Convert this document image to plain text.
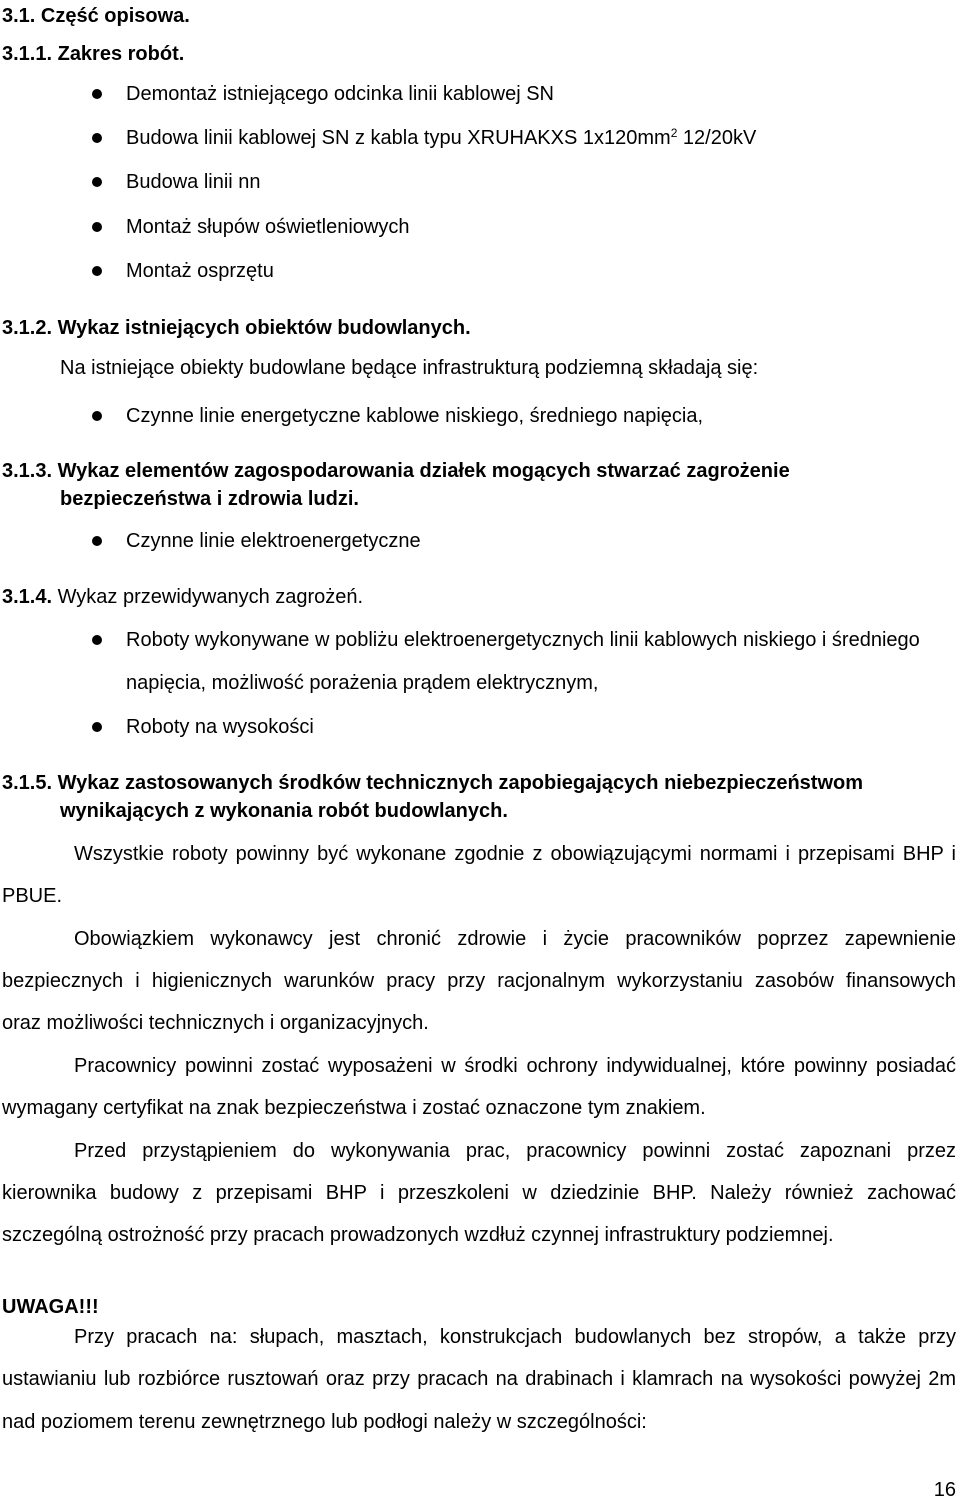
3.1. Część opisowa.
3.1.1. Zakres robót.
Demontaż istniejącego odcinka linii kablowej SN
Budowa linii kablowej SN z kabla typu XRUHAKXS $1x120mm^2$ 12/20kV
Budowa linii nn
Montaż słupów oświetleniowych
Montaż osprzętu
3.1.2. Wykaz istniejących obiektów budowlanych.
Na istniejące obiekty budowlane będące infrastrukturą podziemną składają się:
Czynne linie energetyczne kablowe niskiego, średniego napięcia,
3.1.3. Wykaz elementów zagospodarowania działek mogących stwarzać zagrożenie
bezpieczeństwa i zdrowia ludzi.
Czynne linie elektroenergetyczne
3.1.4. Wykaz przewidywanych zagrożeń.
Roboty wykonywane w pobliżu elektroenergetycznych linii kablowych niskiego i średniego
napięcia, możliwość porażenia prądem elektrycznym,
Roboty na wysokości
3.1.5. Wykaz zastosowanych środków technicznych zapobiegających niebezpieczeństwom
wynikających z wykonania robót budowlanych.
Wszystkie roboty powinny być wykonane zgodnie z obowiązującymi normami i przepisami BHP i
PBUE.
Obowiązkiem wykonawcy jest chronić zdrowie i życie pracowników poprzez zapewnienie
bezpiecznych i higienicznych warunków pracy przy racjonalnym wykorzystaniu zasobów finansowych
oraz możliwości technicznych i organizacyjnych.
Pracownicy powinni zostać wyposażeni w środki ochrony indywidualnej, które powinny posiadać
wymagany certyfikat na znak bezpieczeństwa i zostać oznaczone tym znakiem.
Przed przystąpieniem do wykonywania prac, pracownicy powinni zostać zapoznani przez
kierownika budowy z przepisami BHP i przeszkoleni w dziedzinie BHP. Należy również zachować
szczególną ostrożność przy pracach prowadzonych wzdłuż czynnej infrastruktury podziemnej.
UWAGA!!!
Przy pracach na: słupach, masztach, konstrukcjach budowlanych bez stropów, a także przy
ustawianiu lub rozbiórce rusztowań oraz przy pracach na drabinach i klamrach na wysokości powyżej 2m
nad poziomem terenu zewnętrznego lub podłogi należy w szczególności:
16
